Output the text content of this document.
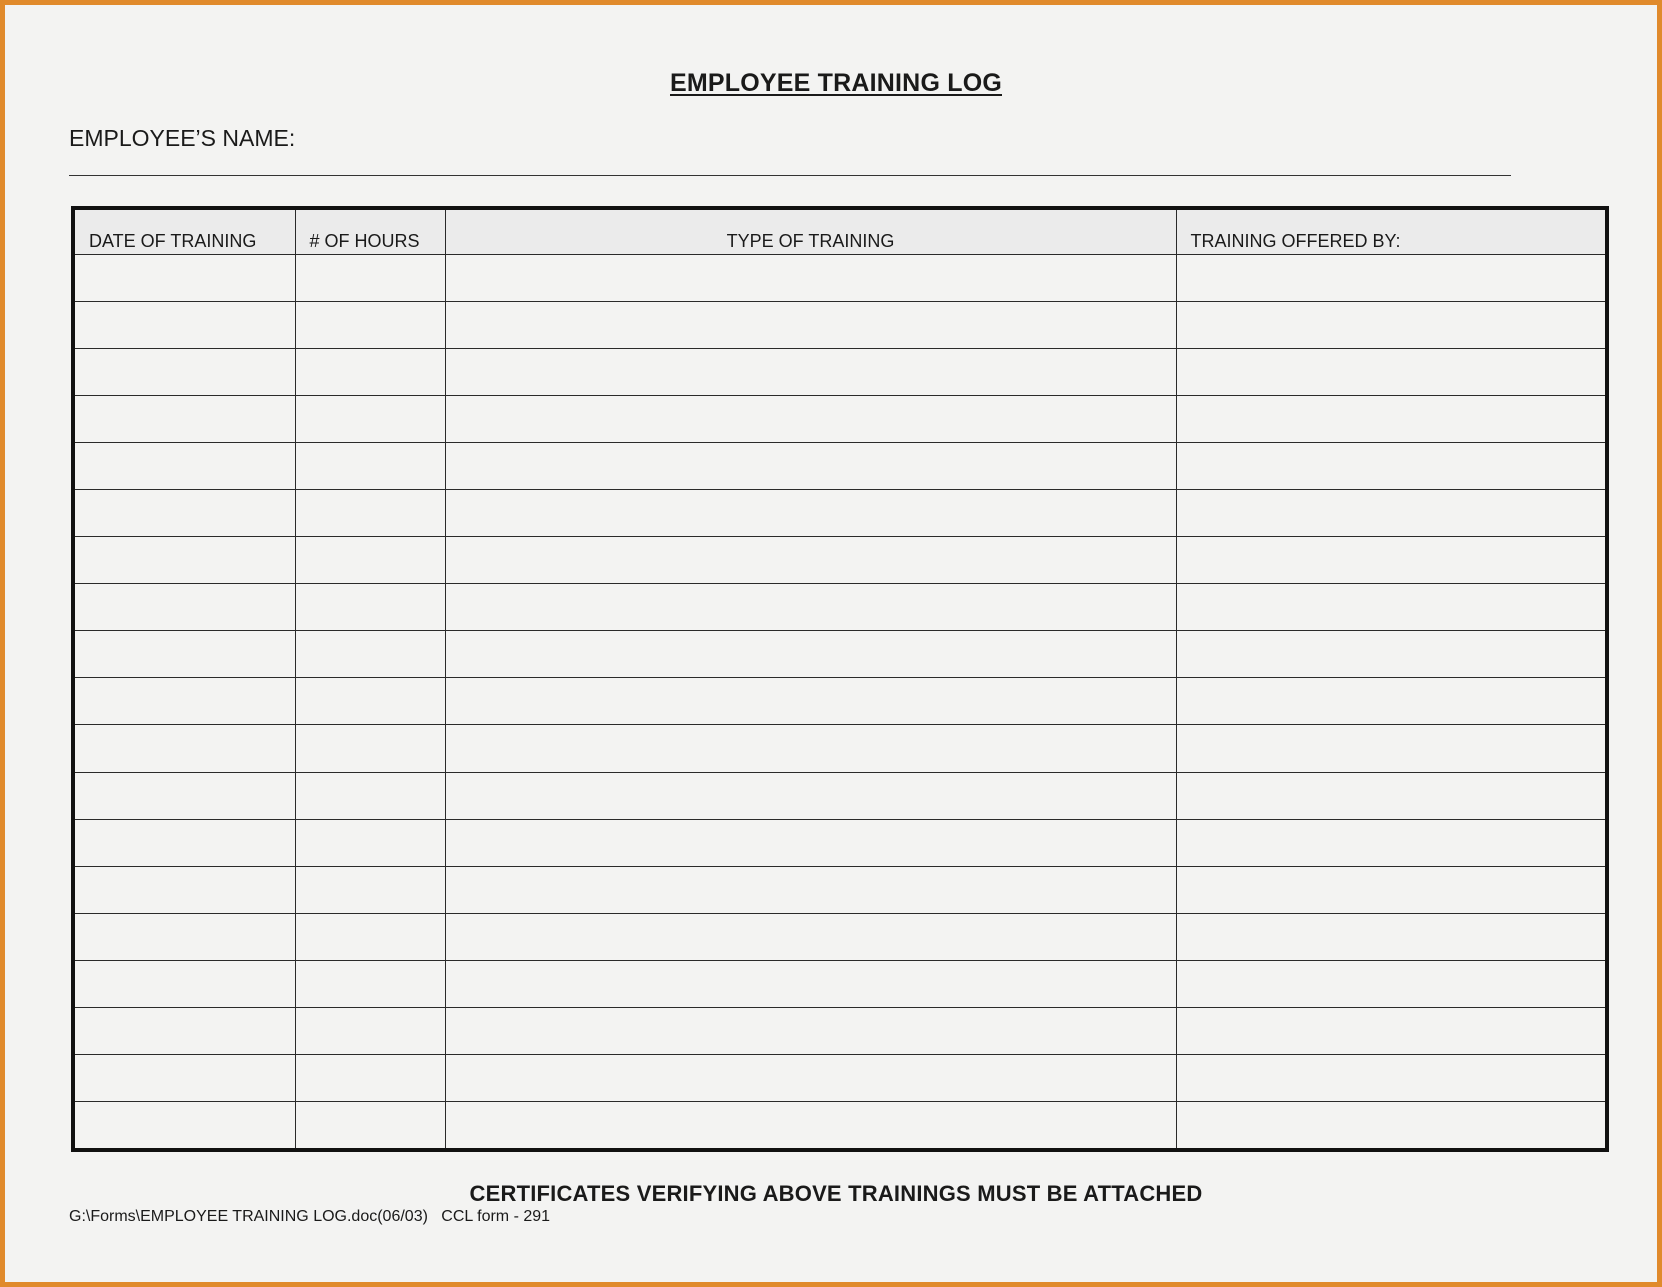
EMPLOYEE TRAINING LOG
EMPLOYEE’S NAME:
DATE OF TRAINING	# OF HOURS	TYPE OF TRAINING	TRAINING OFFERED BY:

CERTIFICATES VERIFYING ABOVE TRAININGS MUST BE ATTACHED
G:\Forms\EMPLOYEE TRAINING LOG.doc(06/03) CCL form - 291
